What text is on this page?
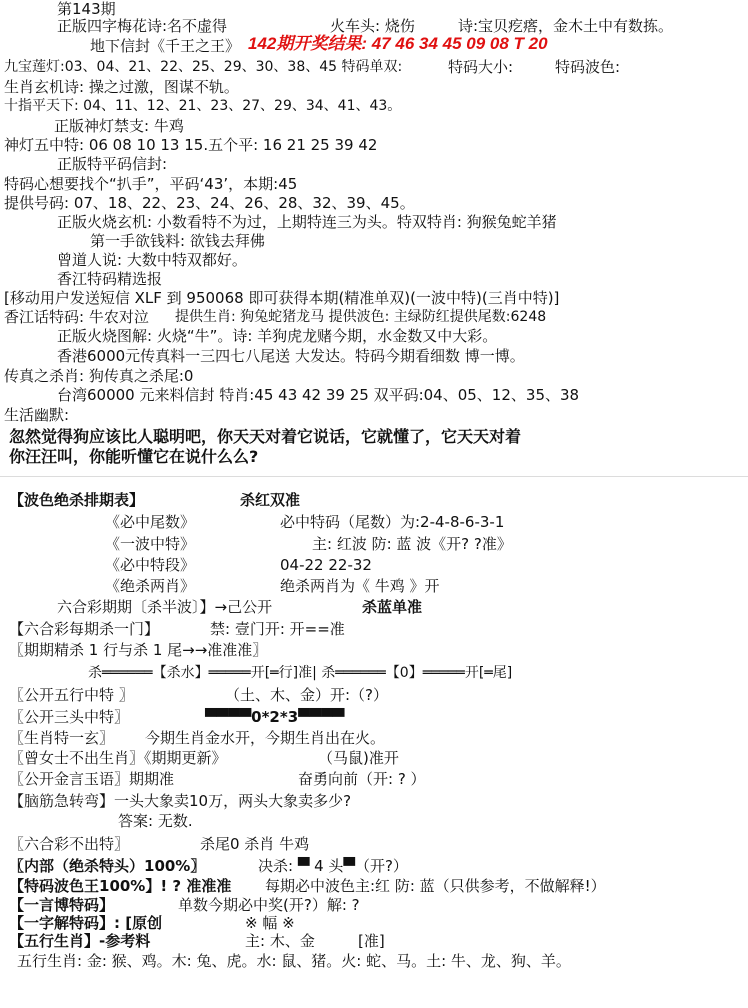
第143期
正版四字梅花诗:名不虚得	火车头: 烧伤	诗:宝贝疙瘩，金木土中有数拣。
地下信封《千王之王》 142期开奖结果: 47 46 34 45 09 08 T 20
九宝莲灯:03、04、21、22、25、29、30、38、45 特码单双:	特码大小:	特码波色:
生肖玄机诗: 操之过激，图谋不轨。
十指平天下: 04、11、12、21、23、27、29、34、41、43。
正版神灯禁支: 牛鸡
神灯五中特: 06 08 10 13 15.五个平: 16 21 25 39 42
正版特平码信封:
特码心想要找个“扒手”，平码‘43’，本期:45
提供号码: 07、18、22、23、24、26、28、32、39、45。
正版火烧玄机: 小数看特不为过，上期特连三为头。特双特肖: 狗猴兔蛇羊猪
第一手欲钱料: 欲钱去拜佛
曾道人说: 大数中特双都好。
香江特码精选报
[移动用户发送短信 XLF 到 950068 即可获得本期(精准单双)(一波中特)(三肖中特)]
香江话特码: 牛农对泣 提供生肖: 狗兔蛇猪龙马 提供波色: 主绿防红提供尾数:6248
正版火烧图解: 火烧“牛”。诗: 羊狗虎龙赌今期，水金数又中大彩。
香港6000元传真料一三四七八尾送 大发达。特码今期看细数 博一博。
传真之杀肖: 狗传真之杀尾:0
台湾60000 元来料信封 特肖:45 43 42 39 25 双平码:04、05、12、35、38
生活幽默:
忽然觉得狗应该比人聪明吧，你天天对着它说话，它就懂了，它天天对着
你汪汪叫，你能听懂它在说什么么?
【波色绝杀排期表】	杀红双准
《必中尾数》	必中特码（尾数）为:2-4-8-6-3-1
《一波中特》	主: 红波 防: 蓝 波《开? ?准》
《必中特段》	04-22 22-32
《绝杀两肖》	绝杀两肖为《 牛鸡 》开
六合彩期期〔杀半波〕】→己公开	杀蓝单准
【六合彩每期杀一门】	禁: 壹门开: 开==准
〖期期精杀 1 行与杀 1 尾→→准准准〗
杀══════【杀水】═════开[═行]准| 杀══════【0】═════开[═尾]
〖公开五行中特 〗	（土、木、金）开:（?）
〖公开三头中特〗	▀▀▀▀0*2*3▀▀▀▀
〖生肖特一玄〗 今期生肖金水开，今期生肖出在火。
〖曾女士不出生肖〗《期期更新》	（马鼠)准开
〖公开金言玉语〗期期准	奋勇向前（开: ? ）
【脑筋急转弯】一头大象卖10万，两头大象卖多少?
答案: 无数.
〖六合彩不出特〗	杀尾0 杀肖 牛鸡
〖内部（绝杀特头）100%〗	决杀: ▀ 4 头▀（开?）
【特码波色王100%】! ? 准准准 每期必中波色主:红 防: 蓝（只供参考，不做解释!）
【一言博特码】	单数今期必中奖(开?）解: ?
【一字解特码】: [原创	※ 幅 ※
【五行生肖】-参考料	主: 木、金	[准]
五行生肖: 金: 猴、鸡。木: 兔、虎。水: 鼠、猪。火: 蛇、马。土: 牛、龙、狗、羊。
